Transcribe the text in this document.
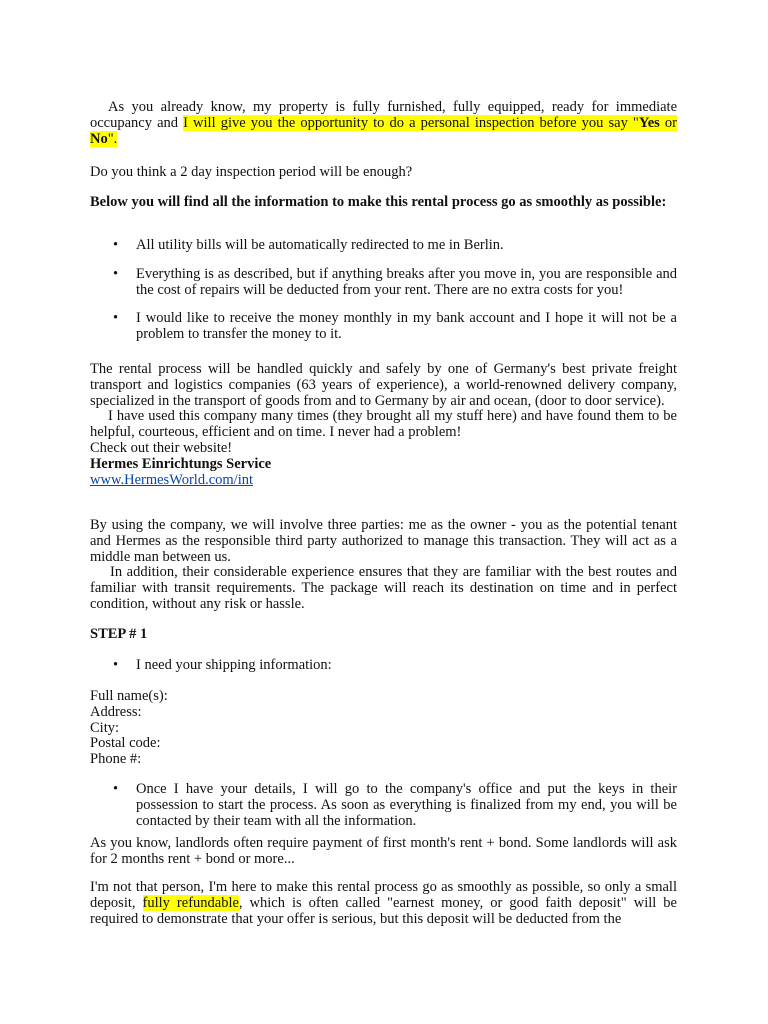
As you already know, my property is fully furnished, fully equipped, ready for immediate occupancy and I will give you the opportunity to do a personal inspection before you say "Yes or No".

Do you think a 2 day inspection period will be enough?

Below you will find all the information to make this rental process go as smoothly as possible:

•	All utility bills will be automatically redirected to me in Berlin.

•	Everything is as described, but if anything breaks after you move in, you are responsible and the cost of repairs will be deducted from your rent. There are no extra costs for you!

•	I would like to receive the money monthly in my bank account and I hope it will not be a problem to transfer the money to it.

The rental process will be handled quickly and safely by one of Germany's best private freight transport and logistics companies (63 years of experience), a world-renowned delivery company, specialized in the transport of goods from and to Germany by air and ocean, (door to door service).
I have used this company many times (they brought all my stuff here) and have found them to be helpful, courteous, efficient and on time. I never had a problem!
Check out their website!
Hermes Einrichtungs Service
www.HermesWorld.com/int
By using the company, we will involve three parties: me as the owner - you as the potential tenant and Hermes as the responsible third party authorized to manage this transaction. They will act as a middle man between us.
In addition, their considerable experience ensures that they are familiar with the best routes and familiar with transit requirements. The package will reach its destination on time and in perfect condition, without any risk or hassle.

STEP # 1

•	I need your shipping information:

Full name(s):
Address:
City:
Postal code:
Phone #:
•	Once I have your details, I will go to the company's office and put the keys in their possession to start the process. As soon as everything is finalized from my end, you will be contacted by their team with all the information.

As you know, landlords often require payment of first month's rent + bond. Some landlords will ask for 2 months rent + bond or more...

I'm not that person, I'm here to make this rental process go as smoothly as possible, so only a small deposit, fully refundable, which is often called "earnest money, or good faith deposit" will be required to demonstrate that your offer is serious, but this deposit will be deducted from the
